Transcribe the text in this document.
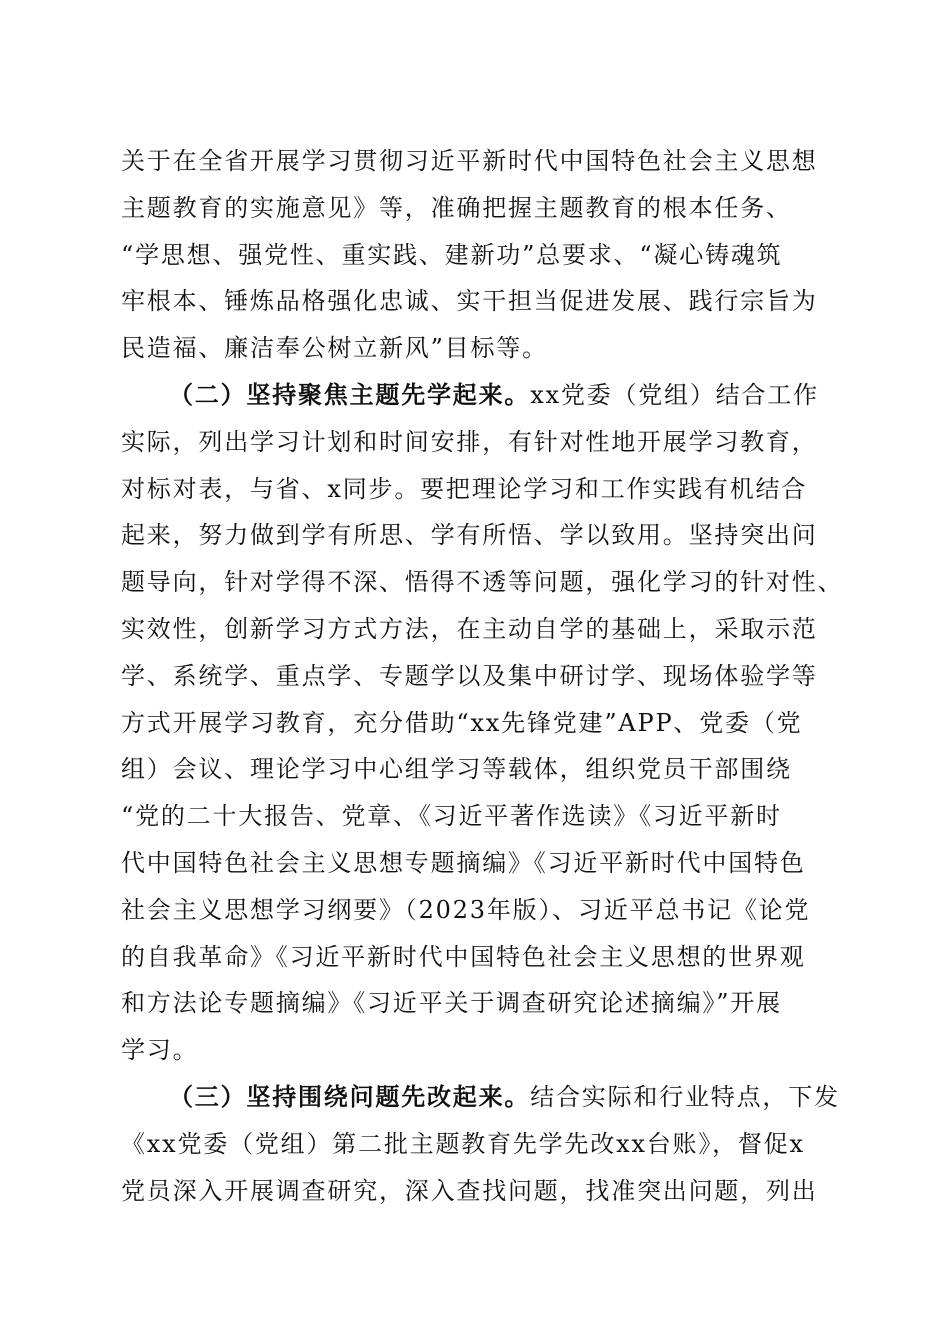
关于在全省开展学习贯彻习近平新时代中国特色社会主义思想
主题教育的实施意见》等，准确把握主题教育的根本任务、
“学思想、强党性、重实践、建新功”总要求、“凝心铸魂筑
牢根本、锤炼品格强化忠诚、实干担当促进发展、践行宗旨为
民造福、廉洁奉公树立新风”目标等。
（二）坚持聚焦主题先学起来。xx党委（党组）结合工作
实际，列出学习计划和时间安排，有针对性地开展学习教育，
对标对表，与省、x同步。要把理论学习和工作实践有机结合
起来，努力做到学有所思、学有所悟、学以致用。坚持突出问
题导向，针对学得不深、悟得不透等问题，强化学习的针对性、
实效性，创新学习方式方法，在主动自学的基础上，采取示范
学、系统学、重点学、专题学以及集中研讨学、现场体验学等
方式开展学习教育，充分借助“xx先锋党建”APP、党委（党
组）会议、理论学习中心组学习等载体，组织党员干部围绕
“党的二十大报告、党章、《习近平著作选读》《习近平新时
代中国特色社会主义思想专题摘编》《习近平新时代中国特色
社会主义思想学习纲要》（2023年版）、习近平总书记《论党
的自我革命》《习近平新时代中国特色社会主义思想的世界观
和方法论专题摘编》《习近平关于调查研究论述摘编》”开展
学习。
（三）坚持围绕问题先改起来。结合实际和行业特点，下发
《xx党委（党组）第二批主题教育先学先改xx台账》，督促x
党员深入开展调查研究，深入查找问题，找准突出问题，列出
